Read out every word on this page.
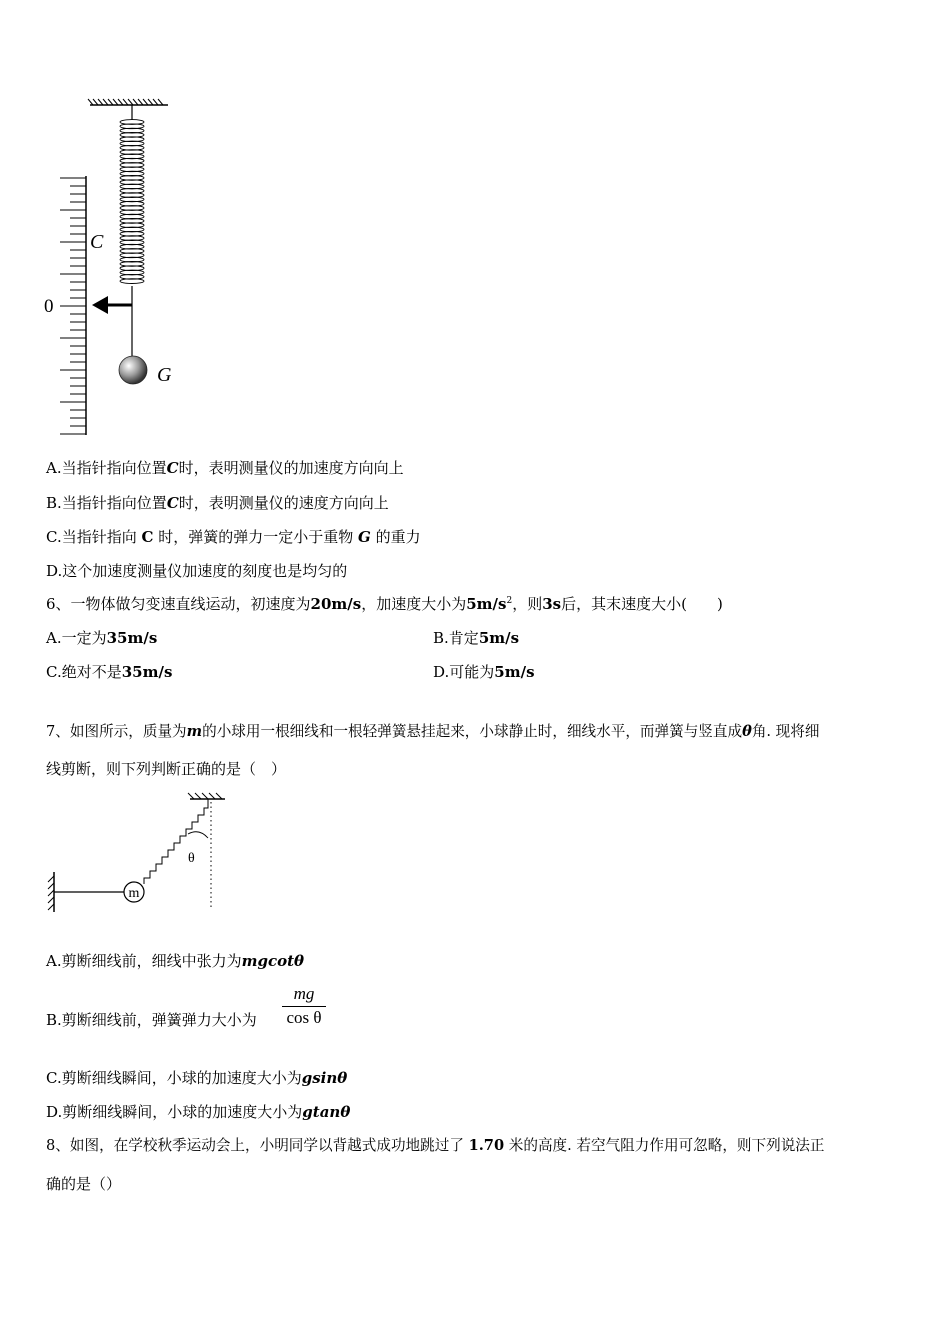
C
0
G
A.当指针指向位置C时，表明测量仪的加速度方向向上
B.当指针指向位置C时，表明测量仪的速度方向向上
C.当指针指向 C 时，弹簧的弹力一定小于重物 G 的重力
D.这个加速度测量仪加速度的刻度也是均匀的
6、一物体做匀变速直线运动，初速度为20m/s，加速度大小为$5m/s^2$，则3s后，其末速度大小(　　)
A.一定为35m/s	B.肯定5m/s
C.绝对不是35m/s	D.可能为5m/s
7、如图所示，质量为m的小球用一根细线和一根轻弹簧悬挂起来，小球静止时，细线水平，而弹簧与竖直成θ角. 现将细
线剪断，则下列判断正确的是（　）
θ
m
A.剪断细线前，细线中张力为mgcotθ
B.剪断细线前，弹簧弹力大小为 $\frac{mg}{\text{cos θ}}$
C.剪断细线瞬间，小球的加速度大小为gsinθ
D.剪断细线瞬间，小球的加速度大小为gtanθ
8、如图，在学校秋季运动会上，小明同学以背越式成功地跳过了 1.70 米的高度. 若空气阻力作用可忽略，则下列说法正
确的是（）
